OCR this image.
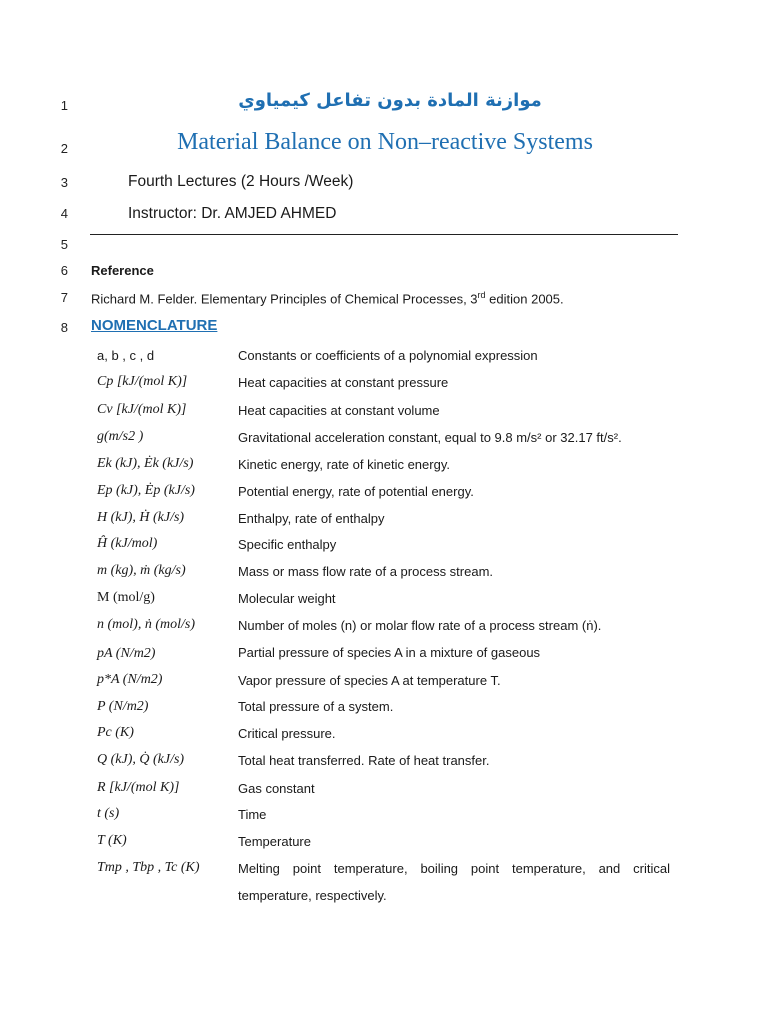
1
2
3
4
5
6
7
8
موازنة المادة بدون تفاعل كيمياوي
Material Balance on Non–reactive Systems
Fourth Lectures (2 Hours /Week)
Instructor: Dr. AMJED AHMED
Reference
Richard M. Felder. Elementary Principles of Chemical Processes, 3rd edition 2005.
NOMENCLATURE
a, b , c , d	Constants or coefficients of a polynomial expression
Cp [kJ/(mol K)]	Heat capacities at constant pressure
Cv [kJ/(mol K)]	Heat capacities at constant volume
g(m/s2 )	Gravitational acceleration constant, equal to 9.8 m/s² or 32.17 ft/s².
Ek (kJ), Ėk (kJ/s)	Kinetic energy, rate of kinetic energy.
Ep (kJ), Ėp (kJ/s)	Potential energy, rate of potential energy.
H (kJ), Ḣ (kJ/s)	Enthalpy, rate of enthalpy
Ĥ (kJ/mol)	Specific enthalpy
m (kg), ṁ (kg/s)	Mass or mass flow rate of a process stream.
M (mol/g)	Molecular weight
n (mol), ṅ (mol/s)	Number of moles (n) or molar flow rate of a process stream (ṅ).
pA (N/m2)	Partial pressure of species A in a mixture of gaseous
p*A (N/m2)	Vapor pressure of species A at temperature T.
P (N/m2)	Total pressure of a system.
Pc (K)	Critical pressure.
Q (kJ), Q̇ (kJ/s)	Total heat transferred. Rate of heat transfer.
R [kJ/(mol K)]	Gas constant
t (s)	Time
T (K)	Temperature
Tmp , Tbp , Tc (K)	Melting point temperature, boiling point temperature, and critical temperature, respectively.
